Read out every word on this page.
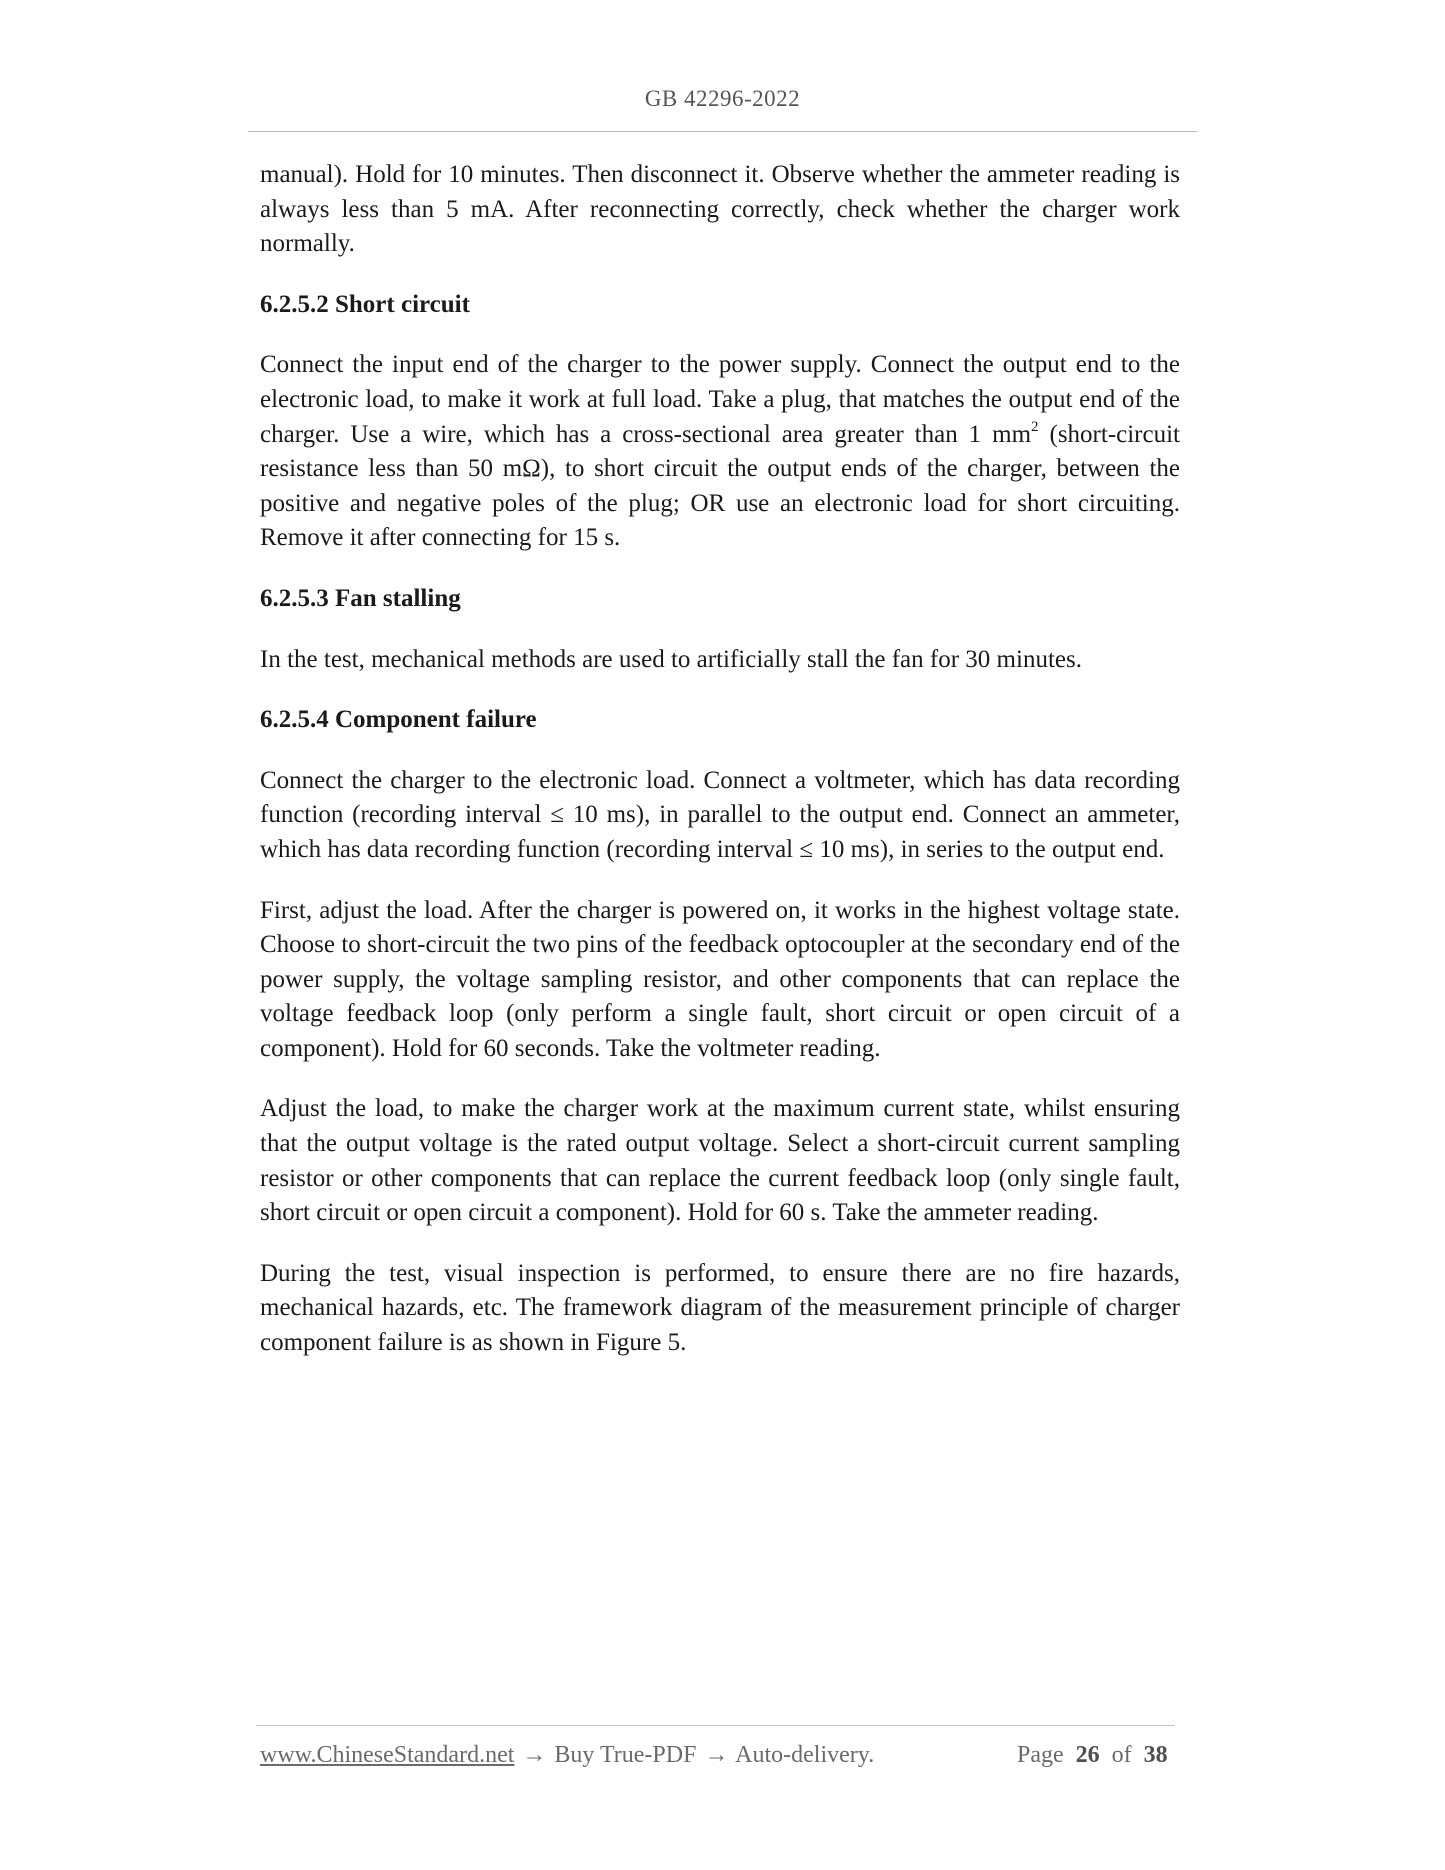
GB 42296-2022

manual). Hold for 10 minutes. Then disconnect it. Observe whether the ammeter reading is always less than 5 mA. After reconnecting correctly, check whether the charger work normally.

6.2.5.2 Short circuit

Connect the input end of the charger to the power supply. Connect the output end to the electronic load, to make it work at full load. Take a plug, that matches the output end of the charger. Use a wire, which has a cross-sectional area greater than 1 $mm^2$ (short-circuit resistance less than 50 mΩ), to short circuit the output ends of the charger, between the positive and negative poles of the plug; OR use an electronic load for short circuiting. Remove it after connecting for 15 s.

6.2.5.3 Fan stalling

In the test, mechanical methods are used to artificially stall the fan for 30 minutes.

6.2.5.4 Component failure

Connect the charger to the electronic load. Connect a voltmeter, which has data recording function (recording interval ≤ 10 ms), in parallel to the output end. Connect an ammeter, which has data recording function (recording interval ≤ 10 ms), in series to the output end.

First, adjust the load. After the charger is powered on, it works in the highest voltage state. Choose to short-circuit the two pins of the feedback optocoupler at the secondary end of the power supply, the voltage sampling resistor, and other components that can replace the voltage feedback loop (only perform a single fault, short circuit or open circuit of a component). Hold for 60 seconds. Take the voltmeter reading.

Adjust the load, to make the charger work at the maximum current state, whilst ensuring that the output voltage is the rated output voltage. Select a short-circuit current sampling resistor or other components that can replace the current feedback loop (only single fault, short circuit or open circuit a component). Hold for 60 s. Take the ammeter reading.

During the test, visual inspection is performed, to ensure there are no fire hazards, mechanical hazards, etc. The framework diagram of the measurement principle of charger component failure is as shown in Figure 5.

www.ChineseStandard.net → Buy True-PDF → Auto-delivery.	Page 26 of 38
